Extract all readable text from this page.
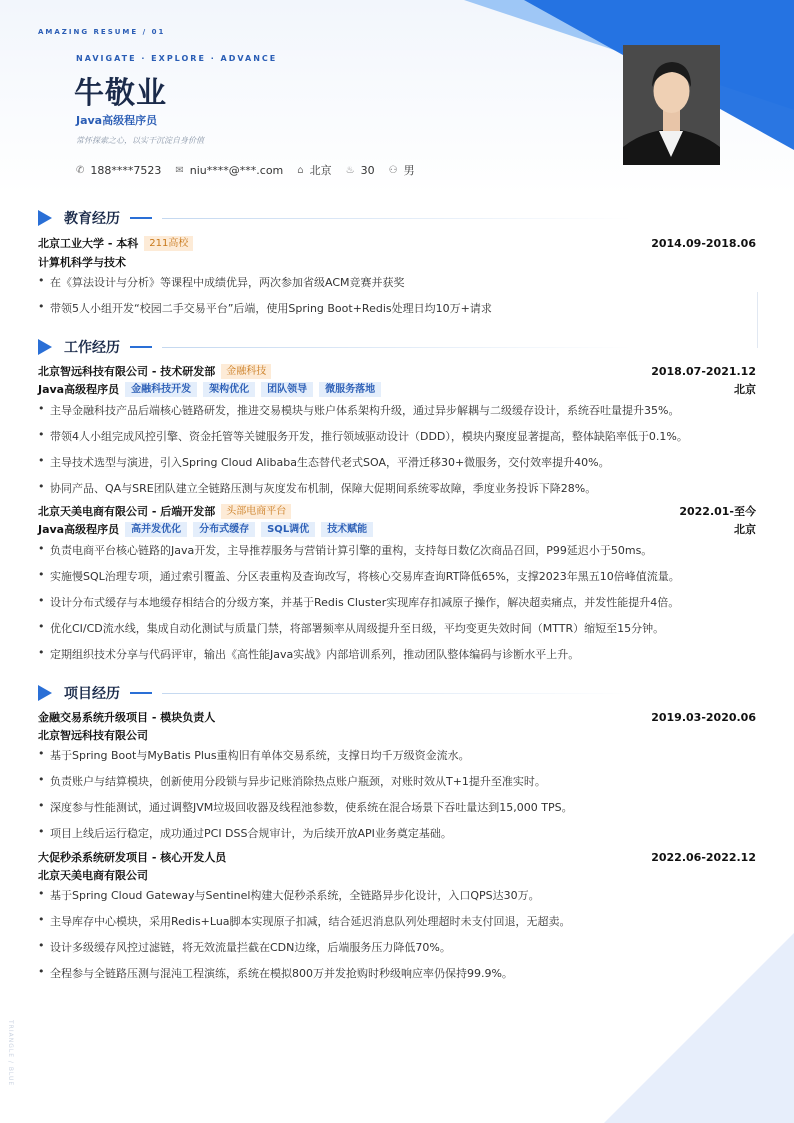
AMAZING RESUME / 01
NAVIGATE · EXPLORE · ADVANCE
牛敬业
Java高级程序员
常怀探索之心，以实干沉淀自身价值
✆ 188****7523 ✉ niu****@***.com ⌂ 北京 ♨ 30 ⚇ 男
TRIANGLE / BLUE
教育经历
北京工业大学 - 本科	211高校	2014.09-2018.06
计算机科学与技术
• 在《算法设计与分析》等课程中成绩优异，两次参加省级ACM竞赛并获奖
• 带领5人小组开发“校园二手交易平台”后端，使用Spring Boot+Redis处理日均10万+请求
工作经历
北京智远科技有限公司 - 技术研发部	金融科技	2018.07-2021.12
Java高级程序员	金融科技开发	架构优化	团队领导	微服务落地	北京
• 主导金融科技产品后端核心链路研发，推进交易模块与账户体系架构升级，通过异步解耦与二级缓存设计，系统吞吐量提升35%。
• 带领4人小组完成风控引擎、资金托管等关键服务开发，推行领域驱动设计（DDD），模块内聚度显著提高，整体缺陷率低于0.1%。
• 主导技术选型与演进，引入Spring Cloud Alibaba生态替代老式SOA，平滑迁移30+微服务，交付效率提升40%。
• 协同产品、QA与SRE团队建立全链路压测与灰度发布机制，保障大促期间系统零故障，季度业务投诉下降28%。
北京天美电商有限公司 - 后端开发部	头部电商平台	2022.01-至今
Java高级程序员	高并发优化	分布式缓存	SQL调优	技术赋能	北京
• 负责电商平台核心链路的Java开发，主导推荐服务与营销计算引擎的重构，支持每日数亿次商品召回，P99延迟小于50ms。
• 实施慢SQL治理专项，通过索引覆盖、分区表重构及查询改写，将核心交易库查询RT降低65%，支撑2023年黑五10倍峰值流量。
• 设计分布式缓存与本地缓存相结合的分级方案，并基于Redis Cluster实现库存扣减原子操作，解决超卖痛点，并发性能提升4倍。
• 优化CI/CD流水线，集成自动化测试与质量门禁，将部署频率从周级提升至日级，平均变更失效时间（MTTR）缩短至15分钟。
• 定期组织技术分享与代码评审，输出《高性能Java实战》内部培训系列，推动团队整体编码与诊断水平上升。
项目经历
金融交易系统升级项目 - 模块负责人	2019.03-2020.06
北京智远科技有限公司
• 基于Spring Boot与MyBatis Plus重构旧有单体交易系统，支撑日均千万级资金流水。
• 负责账户与结算模块，创新使用分段锁与异步记账消除热点账户瓶颈，对账时效从T+1提升至准实时。
• 深度参与性能测试，通过调整JVM垃圾回收器及线程池参数，使系统在混合场景下吞吐量达到15,000 TPS。
• 项目上线后运行稳定，成功通过PCI DSS合规审计，为后续开放API业务奠定基础。
大促秒杀系统研发项目 - 核心开发人员	2022.06-2022.12
北京天美电商有限公司
• 基于Spring Cloud Gateway与Sentinel构建大促秒杀系统，全链路异步化设计，入口QPS达30万。
• 主导库存中心模块，采用Redis+Lua脚本实现原子扣减，结合延迟消息队列处理超时未支付回退，无超卖。
• 设计多级缓存风控过滤链，将无效流量拦截在CDN边缘，后端服务压力降低70%。
• 全程参与全链路压测与混沌工程演练，系统在模拟800万并发抢购时秒级响应率仍保持99.9%。
